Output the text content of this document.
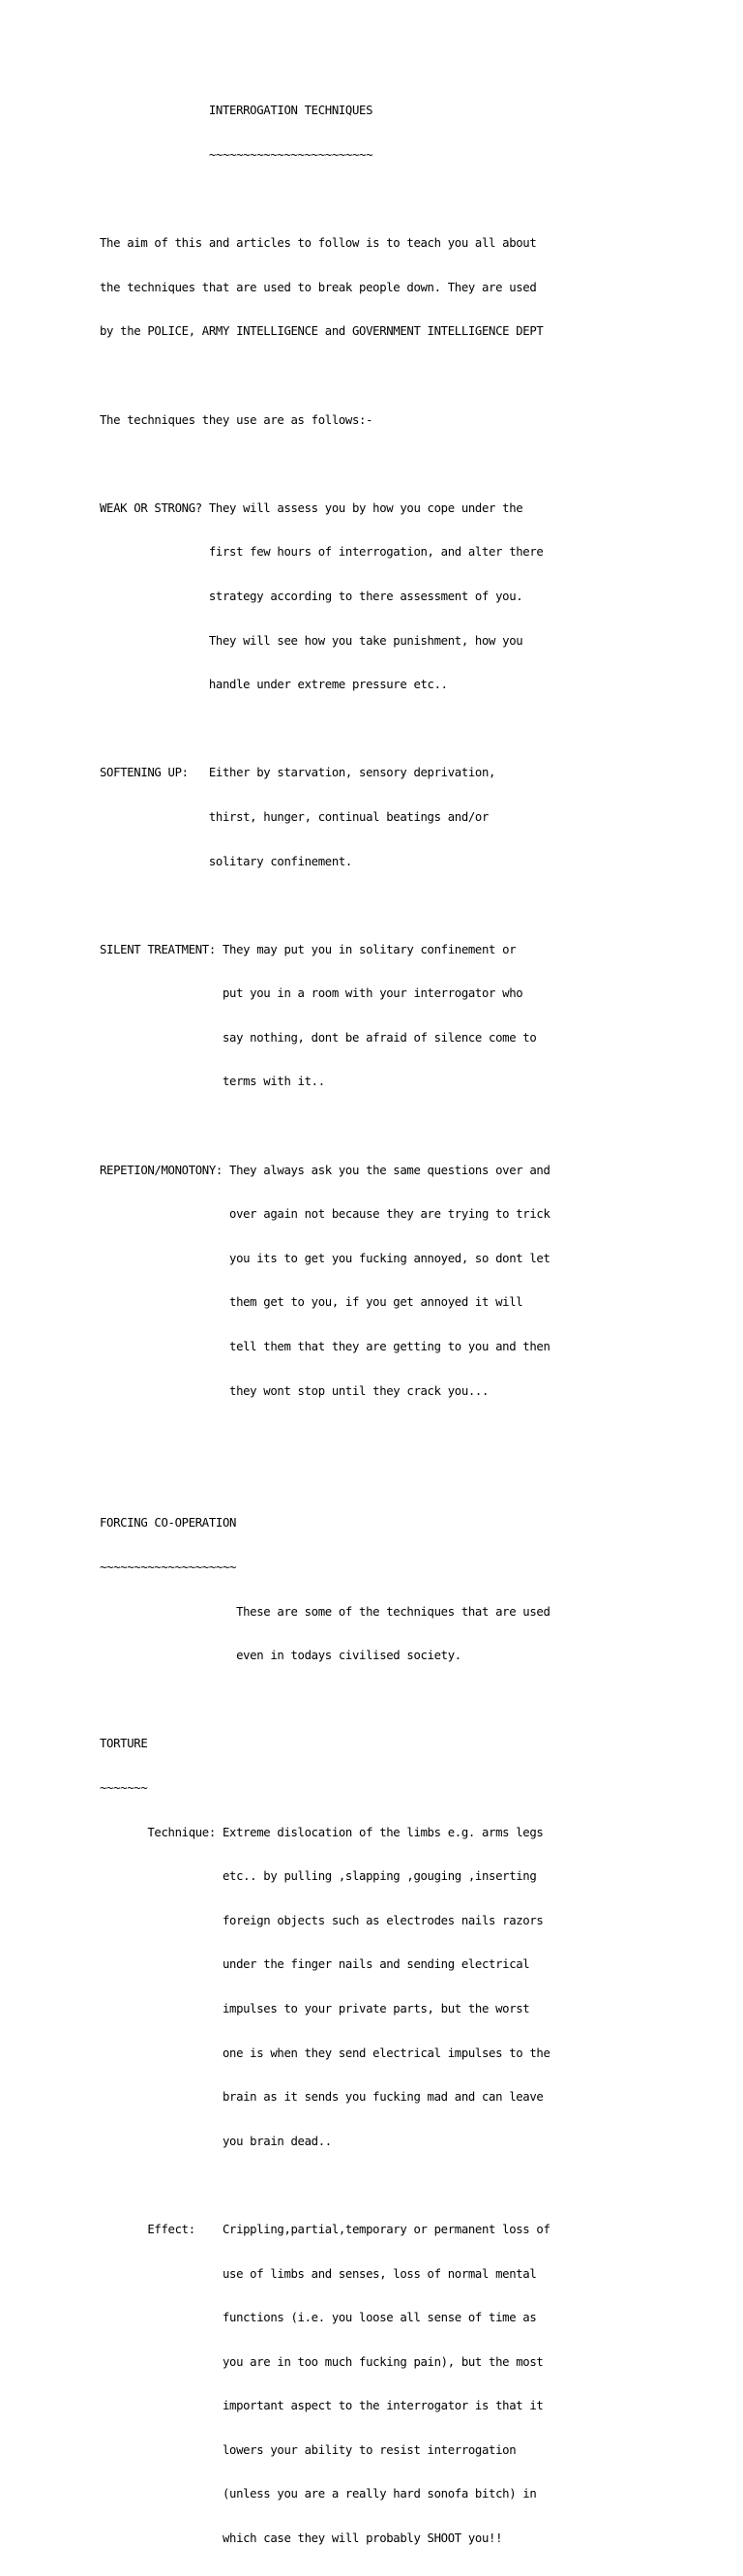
INTERROGATION TECHNIQUES

~~~~~~~~~~~~~~~~~~~~~~~~

The aim of this and articles to follow is to teach you all about

the techniques that are used to break people down. They are used

by the POLICE, ARMY INTELLIGENCE and GOVERNMENT INTELLIGENCE DEPT

The techniques they use are as follows:-

WEAK OR STRONG? They will assess you by how you cope under the

first few hours of interrogation, and alter there

strategy according to there assessment of you.

They will see how you take punishment, how you

handle under extreme pressure etc..

SOFTENING UP:   Either by starvation, sensory deprivation,

thirst, hunger, continual beatings and/or

solitary confinement.

SILENT TREATMENT: They may put you in solitary confinement or

put you in a room with your interrogator who

say nothing, dont be afraid of silence come to

terms with it..

REPETION/MONOTONY: They always ask you the same questions over and

over again not because they are trying to trick

you its to get you fucking annoyed, so dont let

them get to you, if you get annoyed it will

tell them that they are getting to you and then

they wont stop until they crack you...

FORCING CO-OPERATION

~~~~~~~~~~~~~~~~~~~~

These are some of the techniques that are used

even in todays civilised society.

TORTURE

~~~~~~~

Technique: Extreme dislocation of the limbs e.g. arms legs

etc.. by pulling ,slapping ,gouging ,inserting

foreign objects such as electrodes nails razors

under the finger nails and sending electrical

impulses to your private parts, but the worst

one is when they send electrical impulses to the

brain as it sends you fucking mad and can leave

you brain dead..

Effect:    Crippling,partial,temporary or permanent loss of

use of limbs and senses, loss of normal mental

functions (i.e. you loose all sense of time as

you are in too much fucking pain), but the most

important aspect to the interrogator is that it

lowers your ability to resist interrogation

(unless you are a really hard sonofa bitch) in

which case they will probably SHOOT you!!
